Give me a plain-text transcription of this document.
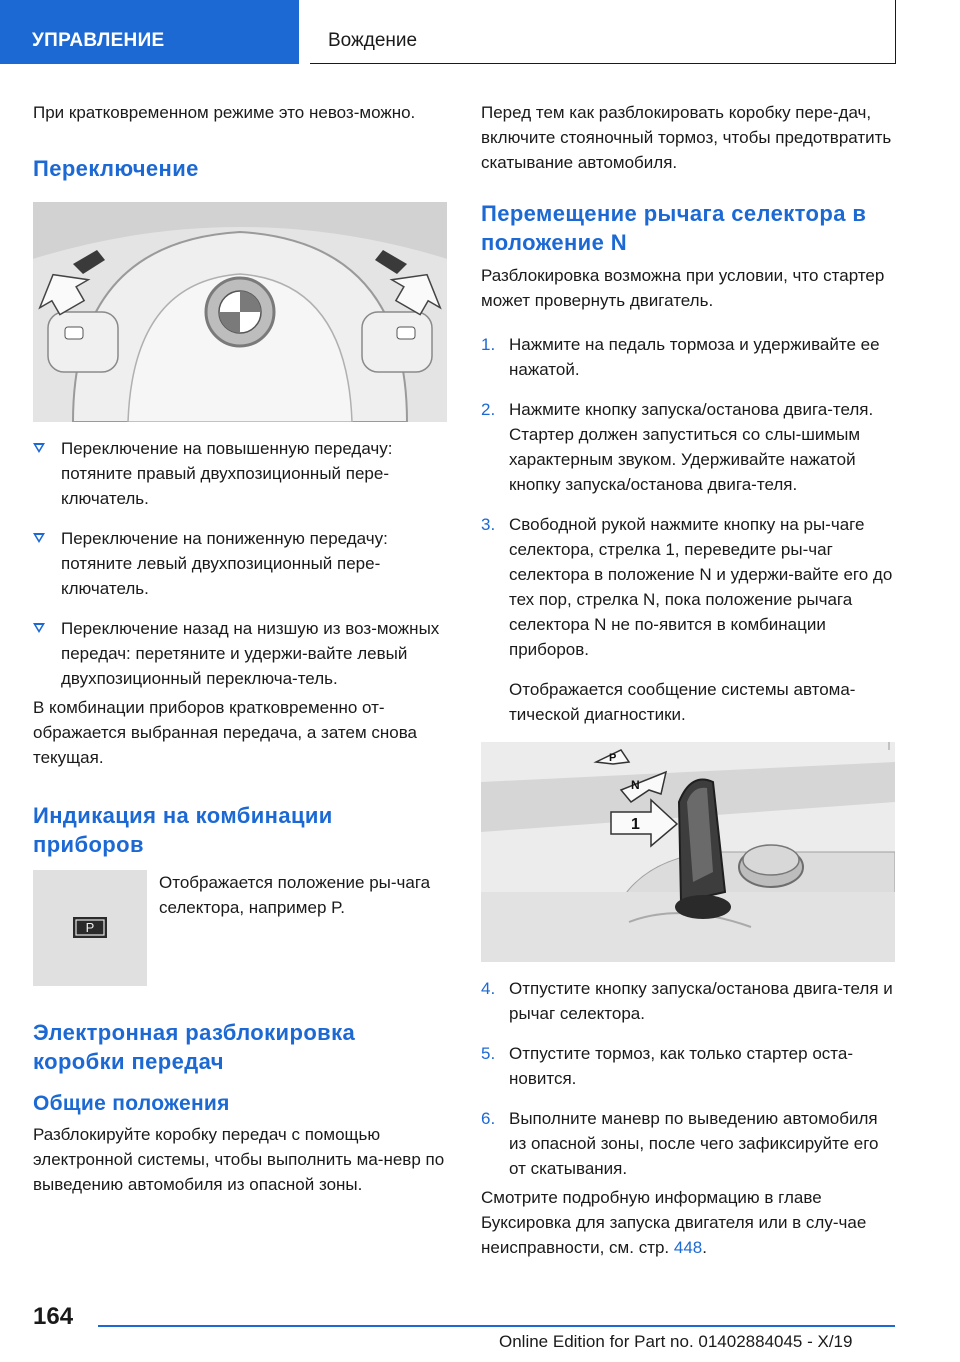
УПРАВЛЕНИЕ	Вождение

При кратковременном режиме это невоз-можно.

Переключение
Переключение на повышенную передачу: потяните правый двухпозиционный пере-ключатель.
Переключение на пониженную передачу: потяните левый двухпозиционный пере-ключатель.
Переключение назад на низшую из воз-можных передач: перетяните и удержи-вайте левый двухпозиционный переключа-тель.

В комбинации приборов кратковременно от-ображается выбранная передача, а затем снова текущая.

Индикация на комбинации приборов
P

Отображается положение ры-чага селектора, например P.

Электронная разблокировка коробки передач
Общие положения

Разблокируйте коробку передач с помощью электронной системы, чтобы выполнить ма-невр по выведению автомобиля из опасной зоны.

Перед тем как разблокировать коробку пере-дач, включите стояночный тормоз, чтобы предотвратить скатывание автомобиля.

Перемещение рычага селектора в положение N

Разблокировка возможна при условии, что стартер может провернуть двигатель.

1. Нажмите на педаль тормоза и удерживайте ее нажатой.
2. Нажмите кнопку запуска/останова двига-теля. Стартер должен запуститься со слы-шимым характерным звуком. Удерживайте нажатой кнопку запуска/останова двига-теля.
3. Свободной рукой нажмите кнопку на ры-чаге селектора, стрелка 1, переведите ры-чаг селектора в положение N и удержи-вайте его до тех пор, стрелка N, пока положение рычага селектора N не по-явится в комбинации приборов.

Отображается сообщение системы автома-тической диагностики.

P
N
1
4. Отпустите кнопку запуска/останова двига-теля и рычаг селектора.
5. Отпустите тормоз, как только стартер оста-новится.
6. Выполните маневр по выведению автомобиля из опасной зоны, после чего зафиксируйте его от скатывания.

Смотрите подробную информацию в главе Буксировка для запуска двигателя или в слу-чае неисправности, см. стр. 448.

164
Online Edition for Part no. 01402884045 - X/19
